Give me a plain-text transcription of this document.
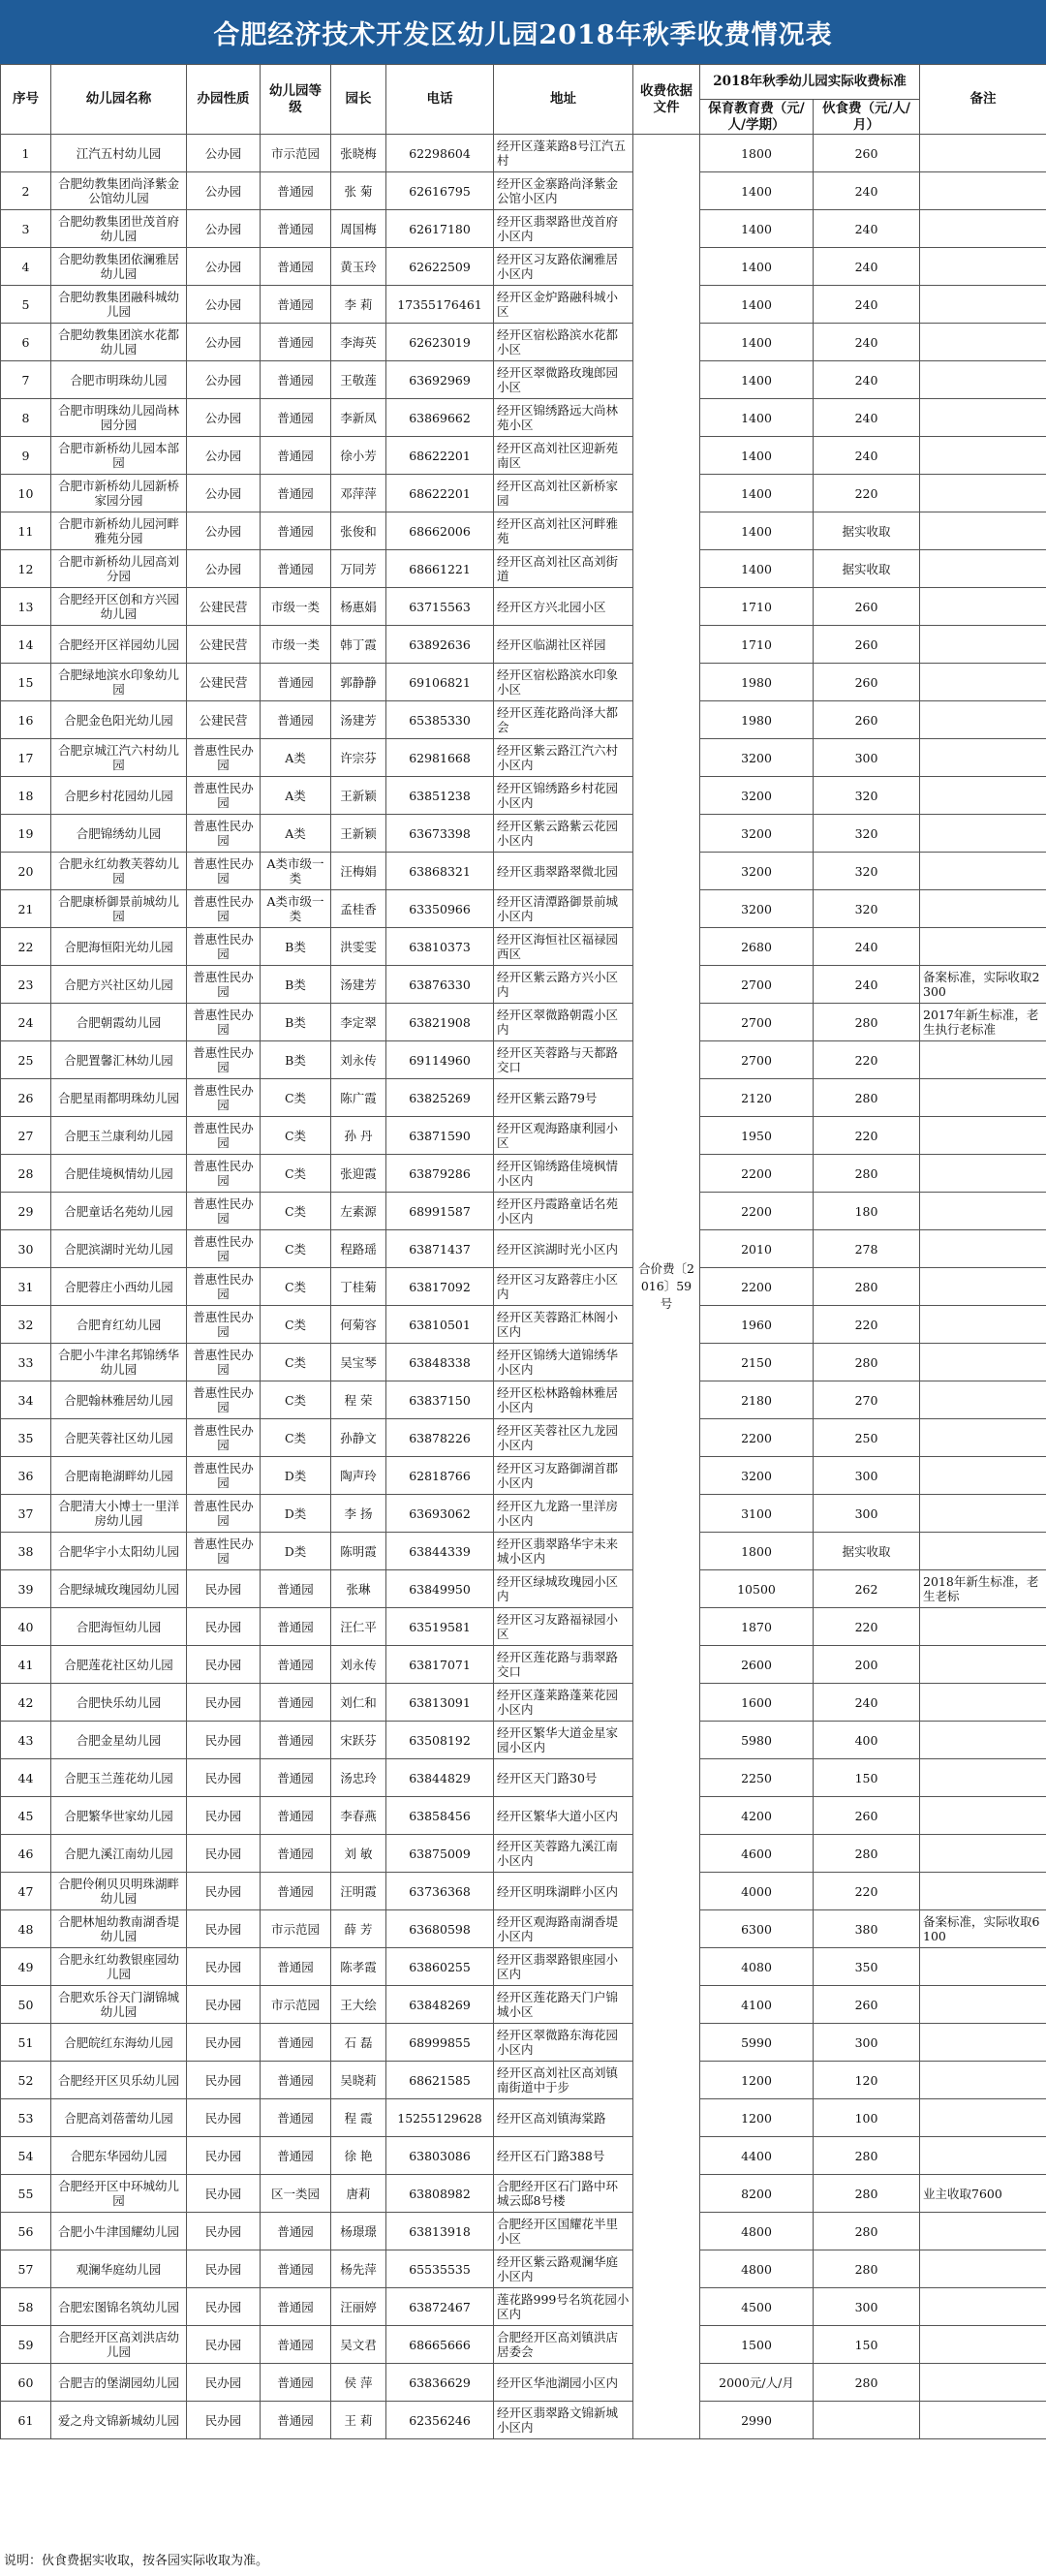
合肥经济技术开发区幼儿园2018年秋季收费情况表
序号	幼儿园名称	办园性质	幼儿园等级	园长	电话	地址	收费依据文件	2018年秋季幼儿园实际收费标准		备注
								保育教育费（元/人/学期）	伙食费（元/人/月）	
1	江汽五村幼儿园	公办园	市示范园	张晓梅	62298604	经开区蓬莱路8号江汽五村	合价费〔2016〕59号	1800	260	
2	合肥幼教集团尚泽紫金公馆幼儿园	公办园	普通园	张 菊	62616795	经开区金寨路尚泽紫金公馆小区内		1400	240	
3	合肥幼教集团世茂首府幼儿园	公办园	普通园	周国梅	62617180	经开区翡翠路世茂首府小区内		1400	240	
4	合肥幼教集团依澜雅居幼儿园	公办园	普通园	黄玉玲	62622509	经开区习友路依澜雅居小区内		1400	240	
5	合肥幼教集团融科城幼儿园	公办园	普通园	李 莉	17355176461	经开区金炉路融科城小区		1400	240	
6	合肥幼教集团滨水花都幼儿园	公办园	普通园	李海英	62623019	经开区宿松路滨水花都小区		1400	240	
7	合肥市明珠幼儿园	公办园	普通园	王敬莲	63692969	经开区翠微路玫瑰郎园小区		1400	240	
8	合肥市明珠幼儿园尚林园分园	公办园	普通园	李新凤	63869662	经开区锦绣路远大尚林苑小区		1400	240	
9	合肥市新桥幼儿园本部园	公办园	普通园	徐小芳	68622201	经开区高刘社区迎新苑南区		1400	240	
10	合肥市新桥幼儿园新桥家园分园	公办园	普通园	邓萍萍	68622201	经开区高刘社区新桥家园		1400	220	
11	合肥市新桥幼儿园河畔雅苑分园	公办园	普通园	张俊和	68662006	经开区高刘社区河畔雅苑		1400	据实收取	
12	合肥市新桥幼儿园高刘分园	公办园	普通园	万同芳	68661221	经开区高刘社区高刘街道		1400	据实收取	
13	合肥经开区创和方兴园幼儿园	公建民营	市级一类	杨惠娟	63715563	经开区方兴北园小区		1710	260	
14	合肥经开区祥园幼儿园	公建民营	市级一类	韩丁霞	63892636	经开区临湖社区祥园		1710	260	
15	合肥绿地滨水印象幼儿园	公建民营	普通园	郭静静	69106821	经开区宿松路滨水印象小区		1980	260	
16	合肥金色阳光幼儿园	公建民营	普通园	汤建芳	65385330	经开区莲花路尚泽大都会		1980	260	
17	合肥京城江汽六村幼儿园	普惠性民办园	A类	许宗芬	62981668	经开区紫云路江汽六村小区内		3200	300	
18	合肥乡村花园幼儿园	普惠性民办园	A类	王新颖	63851238	经开区锦绣路乡村花园小区内		3200	320	
19	合肥锦绣幼儿园	普惠性民办园	A类	王新颖	63673398	经开区紫云路紫云花园小区内		3200	320	
20	合肥永红幼教芙蓉幼儿园	普惠性民办园	A类市级一类	汪梅娟	63868321	经开区翡翠路翠微北园		3200	320	
21	合肥康桥御景前城幼儿园	普惠性民办园	A类市级一类	孟桂香	63350966	经开区清潭路御景前城小区内		3200	320	
22	合肥海恒阳光幼儿园	普惠性民办园	B类	洪雯雯	63810373	经开区海恒社区福禄园西区		2680	240	
23	合肥方兴社区幼儿园	普惠性民办园	B类	汤建芳	63876330	经开区紫云路方兴小区内		2700	240	备案标准，实际收取2300
24	合肥朝霞幼儿园	普惠性民办园	B类	李定翠	63821908	经开区翠微路朝霞小区内		2700	280	2017年新生标准，老生执行老标准
25	合肥置馨汇林幼儿园	普惠性民办园	B类	刘永传	69114960	经开区芙蓉路与天都路交口		2700	220	
26	合肥星雨都明珠幼儿园	普惠性民办园	C类	陈广霞	63825269	经开区紫云路79号		2120	280	
27	合肥玉兰康利幼儿园	普惠性民办园	C类	孙 丹	63871590	经开区观海路康利园小区		1950	220	
28	合肥佳境枫情幼儿园	普惠性民办园	C类	张迎霞	63879286	经开区锦绣路佳境枫情小区内		2200	280	
29	合肥童话名苑幼儿园	普惠性民办园	C类	左素源	68991587	经开区丹霞路童话名苑小区内		2200	180	
30	合肥滨湖时光幼儿园	普惠性民办园	C类	程路瑶	63871437	经开区滨湖时光小区内		2010	278	
31	合肥蓉庄小西幼儿园	普惠性民办园	C类	丁桂菊	63817092	经开区习友路蓉庄小区内		2200	280	
32	合肥育红幼儿园	普惠性民办园	C类	何菊容	63810501	经开区芙蓉路汇林阁小区内		1960	220	
33	合肥小牛津名邦锦绣华幼儿园	普惠性民办园	C类	吴宝琴	63848338	经开区锦绣大道锦绣华小区内		2150	280	
34	合肥翰林雅居幼儿园	普惠性民办园	C类	程 荣	63837150	经开区松林路翰林雅居小区内		2180	270	
35	合肥芙蓉社区幼儿园	普惠性民办园	C类	孙静文	63878226	经开区芙蓉社区九龙园小区内		2200	250	
36	合肥南艳湖畔幼儿园	普惠性民办园	D类	陶声玲	62818766	经开区习友路御湖首郡小区内		3200	300	
37	合肥清大小博士一里洋房幼儿园	普惠性民办园	D类	李 扬	63693062	经开区九龙路一里洋房小区内		3100	300	
38	合肥华宇小太阳幼儿园	普惠性民办园	D类	陈明霞	63844339	经开区翡翠路华宇未来城小区内		1800	据实收取	
39	合肥绿城玫瑰园幼儿园	民办园	普通园	张琳	63849950	经开区绿城玫瑰园小区内		10500	262	2018年新生标准，老生老标
40	合肥海恒幼儿园	民办园	普通园	汪仁平	63519581	经开区习友路福禄园小区		1870	220	
41	合肥莲花社区幼儿园	民办园	普通园	刘永传	63817071	经开区莲花路与翡翠路交口		2600	200	
42	合肥快乐幼儿园	民办园	普通园	刘仁和	63813091	经开区蓬莱路蓬莱花园小区内		1600	240	
43	合肥金星幼儿园	民办园	普通园	宋跃芬	63508192	经开区繁华大道金星家园小区内		5980	400	
44	合肥玉兰莲花幼儿园	民办园	普通园	汤忠玲	63844829	经开区天门路30号		2250	150	
45	合肥繁华世家幼儿园	民办园	普通园	李春燕	63858456	经开区繁华大道小区内		4200	260	
46	合肥九溪江南幼儿园	民办园	普通园	刘 敏	63875009	经开区芙蓉路九溪江南小区内		4600	280	
47	合肥伶俐贝贝明珠湖畔幼儿园	民办园	普通园	汪明霞	63736368	经开区明珠湖畔小区内		4000	220	
48	合肥林旭幼教南湖香堤幼儿园	民办园	市示范园	薛 芳	63680598	经开区观海路南湖香堤小区内		6300	380	备案标准，实际收取6100
49	合肥永红幼教银座园幼儿园	民办园	普通园	陈孝霞	63860255	经开区翡翠路银座园小区内		4080	350	
50	合肥欢乐谷天门湖锦城幼儿园	民办园	市示范园	王大绘	63848269	经开区莲花路天门户锦城小区		4100	260	
51	合肥皖红东海幼儿园	民办园	普通园	石 磊	68999855	经开区翠微路东海花园小区内		5990	300	
52	合肥经开区贝乐幼儿园	民办园	普通园	吴晓莉	68621585	经开区高刘社区高刘镇南街道中于步		1200	120	
53	合肥高刘蓓蕾幼儿园	民办园	普通园	程 霞	15255129628	经开区高刘镇海棠路		1200	100	
54	合肥东华园幼儿园	民办园	普通园	徐 艳	63803086	经开区石门路388号		4400	280	
55	合肥经开区中环城幼儿园	民办园	区一类园	唐莉	63808982	合肥经开区石门路中环城云邸8号楼		8200	280	业主收取7600
56	合肥小牛津国耀幼儿园	民办园	普通园	杨璟璟	63813918	合肥经开区国耀花半里小区		4800	280	
57	观澜华庭幼儿园	民办园	普通园	杨先萍	65535535	经开区紫云路观澜华庭小区内		4800	280	
58	合肥宏图锦名筑幼儿园	民办园	普通园	汪丽婷	63872467	莲花路999号名筑花园小区内		4500	300	
59	合肥经开区高刘洪店幼儿园	民办园	普通园	吴文君	68665666	合肥经开区高刘镇洪店居委会		1500	150	
60	合肥吉的堡湖园幼儿园	民办园	普通园	侯 萍	63836629	经开区华池湖园小区内		2000元/人/月	280	
61	爱之舟文锦新城幼儿园	民办园	普通园	王 莉	62356246	经开区翡翠路文锦新城小区内		2990		
说明：伙食费据实收取，按各园实际收取为准。
